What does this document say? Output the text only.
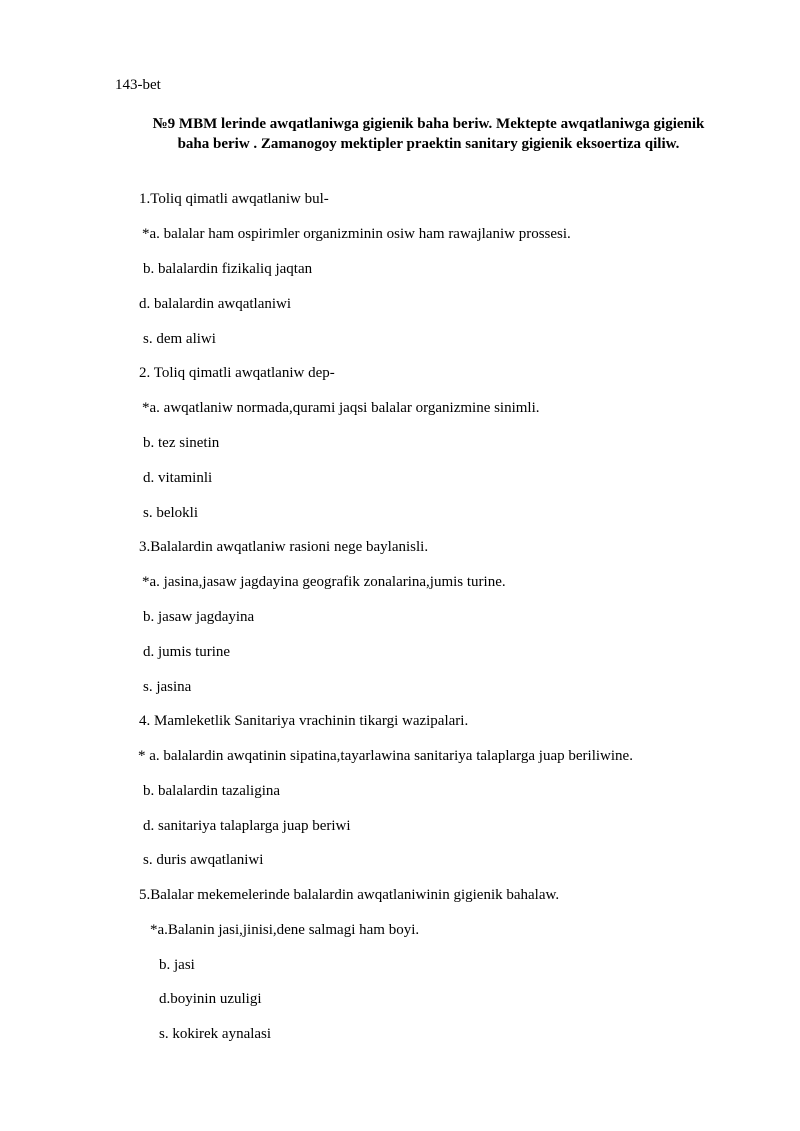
143-bet
№9 MBM lerinde awqatlaniwga gigienik baha beriw. Mektepte awqatlaniwga gigienik
baha beriw . Zamanogoy mektipler praektin sanitary gigienik eksoertiza qiliw.
1.Toliq qimatli awqatlaniw bul-
*a. balalar ham ospirimler organizminin osiw ham rawajlaniw prossesi.
b. balalardin fizikaliq jaqtan
d. balalardin awqatlaniwi
s. dem aliwi
2. Toliq qimatli awqatlaniw dep-
*a. awqatlaniw normada,qurami jaqsi balalar organizmine sinimli.
b. tez sinetin
d. vitaminli
s. belokli
3.Balalardin awqatlaniw rasioni nege baylanisli.
*a. jasina,jasaw jagdayina geografik zonalarina,jumis turine.
b. jasaw jagdayina
d. jumis turine
s. jasina
4. Mamleketlik Sanitariya vrachinin tikargi wazipalari.
* a. balalardin awqatinin sipatina,tayarlawina sanitariya talaplarga juap beriliwine.
b. balalardin tazaligina
d. sanitariya talaplarga juap beriwi
s. duris awqatlaniwi
5.Balalar mekemelerinde balalardin awqatlaniwinin gigienik bahalaw.
*a.Balanin jasi,jinisi,dene salmagi ham boyi.
b. jasi
d.boyinin uzuligi
s. kokirek aynalasi
